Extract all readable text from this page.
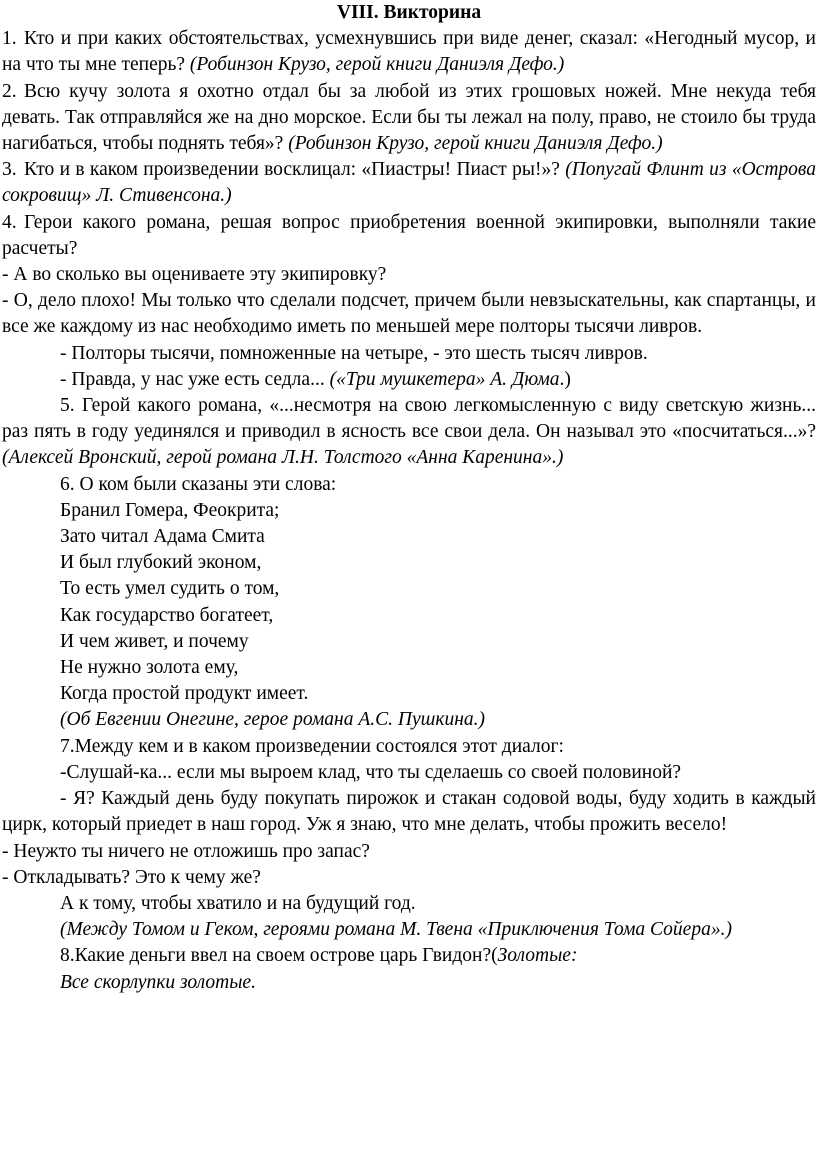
VIII. Викторина

1. Кто и при каких обстоятельствах, усмехнувшись при виде денег, сказал: «Негодный мусор, и на что ты мне теперь? (Робинзон Крузо, герой книги Даниэля Дефо.)

2. Всю кучу золота я охотно отдал бы за любой из этих грошовых ножей. Мне некуда тебя девать. Так отправляйся же на дно морское. Если бы ты лежал на полу, право, не стоило бы труда нагибаться, чтобы поднять тебя»? (Робинзон Крузо, герой книги Даниэля Дефо.)

3. Кто и в каком произведении восклицал: «Пиастры! Пиаст ры!»? (Попугай Флинт из «Острова сокровищ» Л. Стивенсона.)

4. Герои какого романа, решая вопрос приобретения военной экипировки, выполняли такие расчеты?

- А во сколько вы оцениваете эту экипировку?

- О, дело плохо! Мы только что сделали подсчет, причем были невзыскательны, как спартанцы, и все же каждому из нас необходимо иметь по меньшей мере полторы тысячи ливров.

- Полторы тысячи, помноженные на четыре, - это шесть тысяч ливров.

- Правда, у нас уже есть седла... («Три мушкетера» А. Дюма.)

5. Герой какого романа, «...несмотря на свою легкомысленную с виду светскую жизнь... раз пять в году уединялся и приводил в ясность все свои дела. Он называл это «посчитаться...»? (Алексей Вронский, герой романа Л.Н. Толстого «Анна Каренина».)

6. О ком были сказаны эти слова:

Бранил Гомера, Феокрита;

Зато читал Адама Смита

И был глубокий эконом,

То есть умел судить о том,

Как государство богатеет,

И чем живет, и почему

Не нужно золота ему,

Когда простой продукт имеет.

(Об Евгении Онегине, герое романа А.С. Пушкина.)

7.Между кем и в каком произведении состоялся этот диалог:

-Слушай-ка... если мы выроем клад, что ты сделаешь со своей половиной?

- Я? Каждый день буду покупать пирожок и стакан содовой воды, буду ходить в каждый цирк, который приедет в наш город. Уж я знаю, что мне делать, чтобы прожить весело!

- Неужто ты ничего не отложишь про запас?

- Откладывать? Это к чему же?

А к тому, чтобы хватило и на будущий год.

(Между Томом и Геком, героями романа М. Твена «Приключения Тома Сойера».)

8.Какие деньги ввел на своем острове царь Гвидон?(Золотые:

Все скорлупки золотые.
